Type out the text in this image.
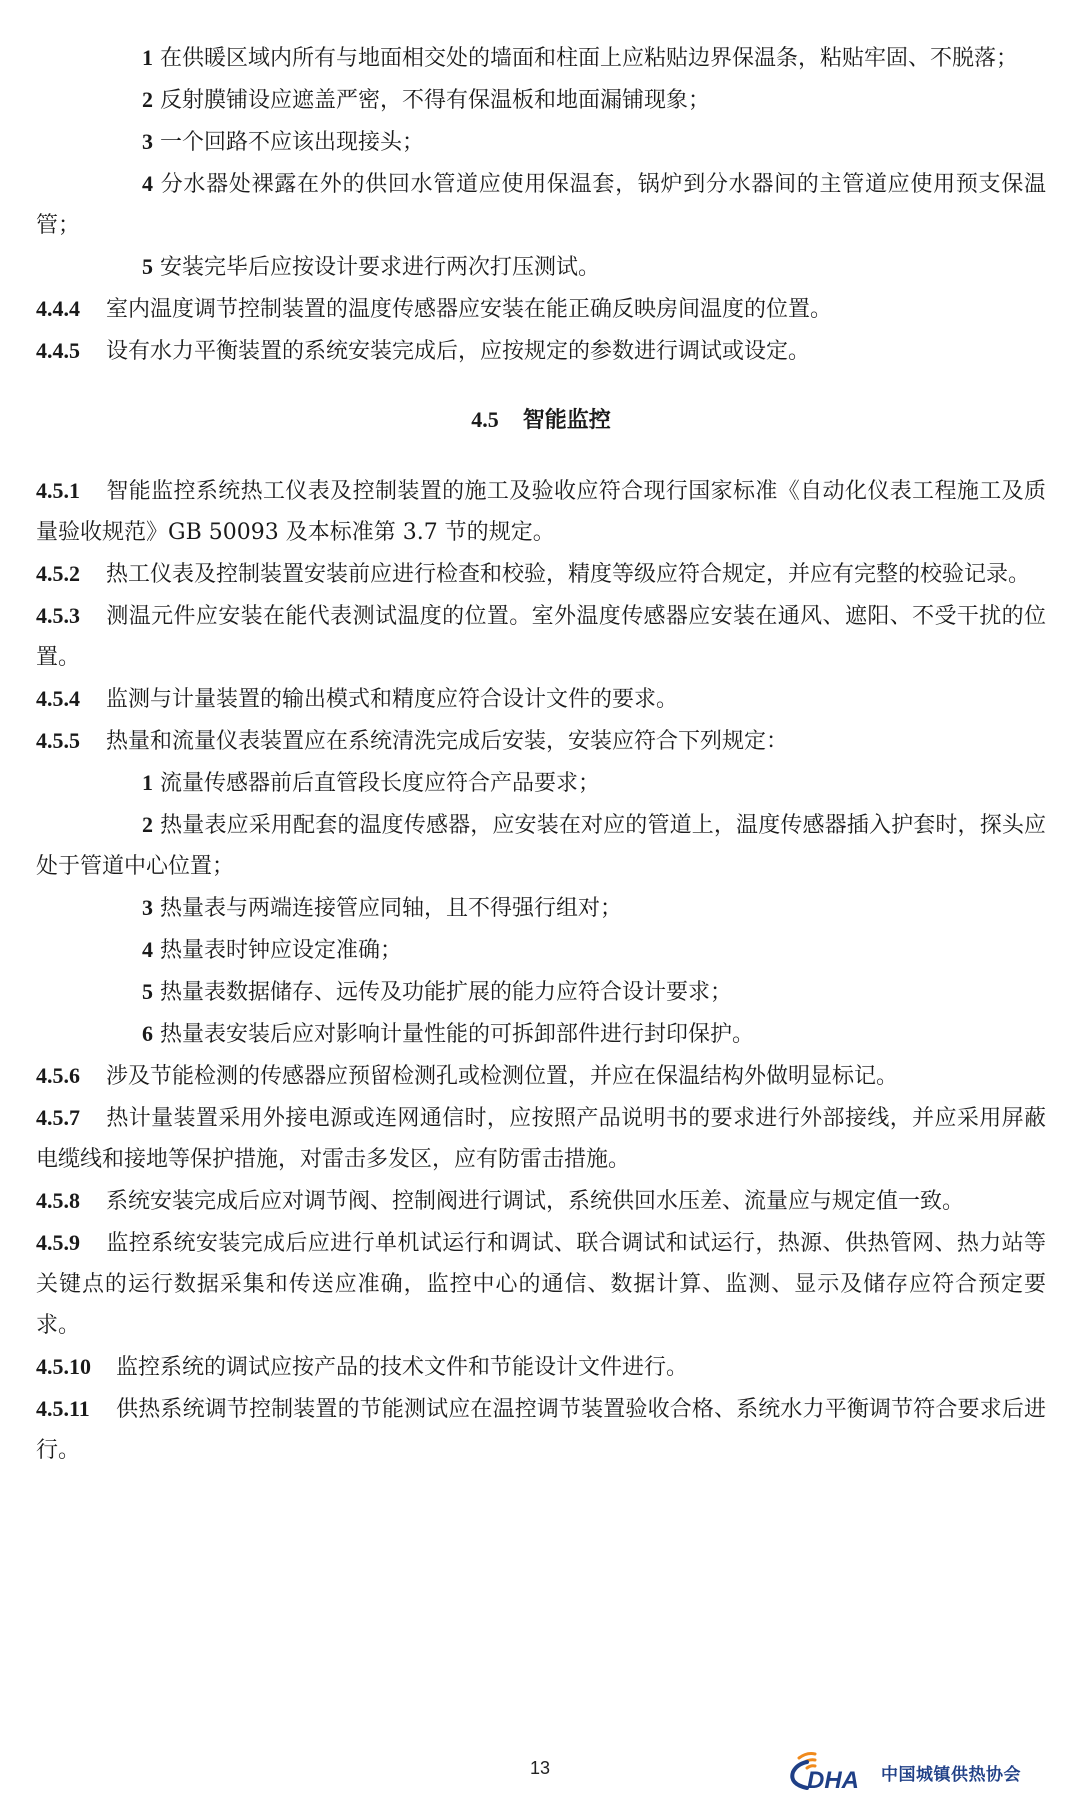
1 在供暖区域内所有与地面相交处的墙面和柱面上应粘贴边界保温条，粘贴牢固、不脱落；

2 反射膜铺设应遮盖严密，不得有保温板和地面漏铺现象；

3 一个回路不应该出现接头；

4 分水器处裸露在外的供回水管道应使用保温套，锅炉到分水器间的主管道应使用预支保温管；

5 安装完毕后应按设计要求进行两次打压测试。

4.4.4 室内温度调节控制装置的温度传感器应安装在能正确反映房间温度的位置。

4.4.5 设有水力平衡装置的系统安装完成后，应按规定的参数进行调试或设定。

4.5 智能监控

4.5.1 智能监控系统热工仪表及控制装置的施工及验收应符合现行国家标准《自动化仪表工程施工及质量验收规范》GB 50093 及本标准第 3.7 节的规定。

4.5.2 热工仪表及控制装置安装前应进行检查和校验，精度等级应符合规定，并应有完整的校验记录。

4.5.3 测温元件应安装在能代表测试温度的位置。室外温度传感器应安装在通风、遮阳、不受干扰的位置。

4.5.4 监测与计量装置的输出模式和精度应符合设计文件的要求。

4.5.5 热量和流量仪表装置应在系统清洗完成后安装，安装应符合下列规定：

1 流量传感器前后直管段长度应符合产品要求；

2 热量表应采用配套的温度传感器，应安装在对应的管道上，温度传感器插入护套时，探头应处于管道中心位置；

3 热量表与两端连接管应同轴，且不得强行组对；

4 热量表时钟应设定准确；

5 热量表数据储存、远传及功能扩展的能力应符合设计要求；

6 热量表安装后应对影响计量性能的可拆卸部件进行封印保护。

4.5.6 涉及节能检测的传感器应预留检测孔或检测位置，并应在保温结构外做明显标记。

4.5.7 热计量装置采用外接电源或连网通信时，应按照产品说明书的要求进行外部接线，并应采用屏蔽电缆线和接地等保护措施，对雷击多发区，应有防雷击措施。

4.5.8 系统安装完成后应对调节阀、控制阀进行调试，系统供回水压差、流量应与规定值一致。

4.5.9 监控系统安装完成后应进行单机试运行和调试、联合调试和试运行，热源、供热管网、热力站等关键点的运行数据采集和传送应准确，监控中心的通信、数据计算、监测、显示及储存应符合预定要求。

4.5.10 监控系统的调试应按产品的技术文件和节能设计文件进行。

4.5.11 供热系统调节控制装置的节能测试应在温控调节装置验收合格、系统水力平衡调节符合要求后进行。

13	DHA 中国城镇供热协会
